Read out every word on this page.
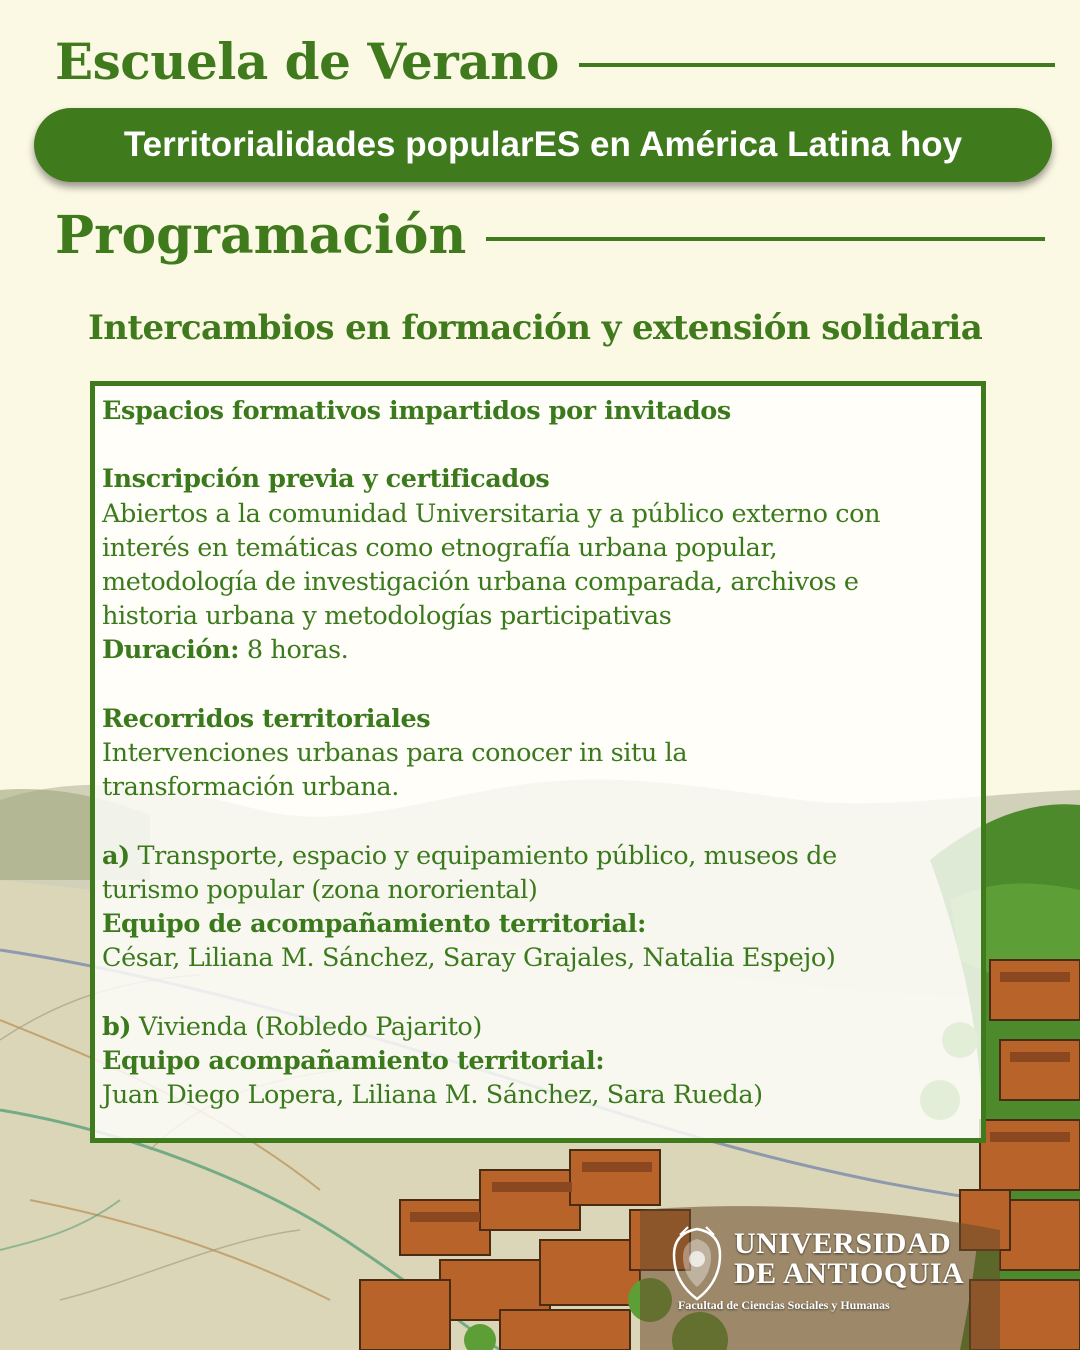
Escuela de Verano
Territorialidades popularES en América Latina hoy
Programación
Intercambios en formación y extensión solidaria
Espacios formativos impartidos por invitados
Inscripción previa y certificados
Abiertos a la comunidad Universitaria y a público externo con
interés en temáticas como etnografía urbana popular,
metodología de investigación urbana comparada, archivos e
historia urbana y metodologías participativas
Duración: 8 horas.
Recorridos territoriales
Intervenciones urbanas para conocer in situ la
transformación urbana.
a) Transporte, espacio y equipamiento público, museos de
turismo popular (zona nororiental)
Equipo de acompañamiento territorial:
César, Liliana M. Sánchez, Saray Grajales, Natalia Espejo)
b) Vivienda (Robledo Pajarito)
Equipo acompañamiento territorial:
Juan Diego Lopera, Liliana M. Sánchez, Sara Rueda)
UNIVERSIDAD
DE ANTIOQUIA
Facultad de Ciencias Sociales y Humanas
